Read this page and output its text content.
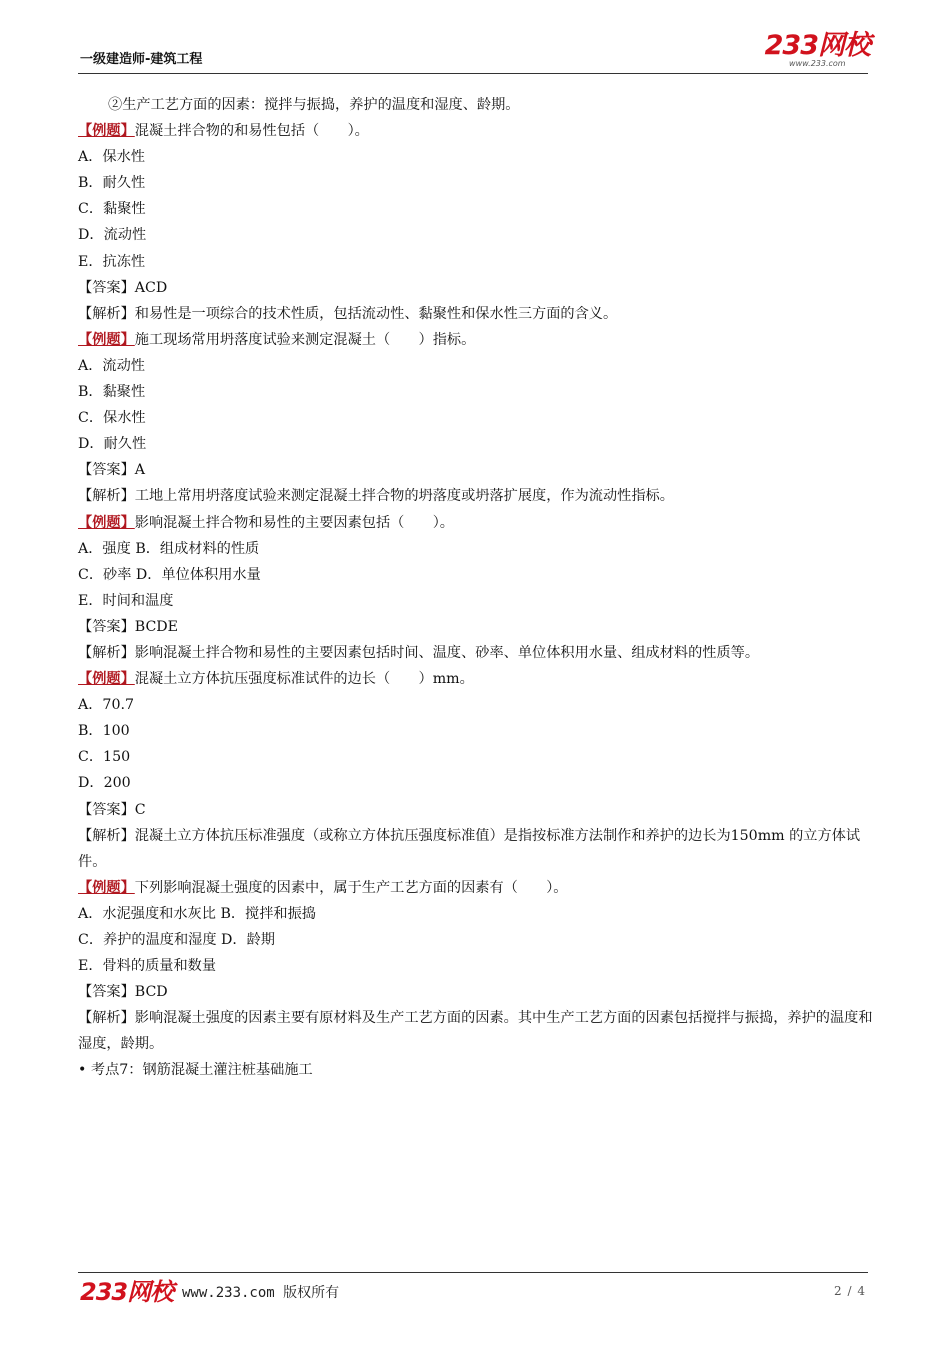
一级建造师-建筑工程	233网校
www.233.com

②生产工艺方面的因素：搅拌与振捣，养护的温度和湿度、龄期。

【例题】混凝土拌合物的和易性包括（　　）。

A．保水性

B．耐久性

C．黏聚性

D．流动性

E．抗冻性

【答案】ACD

【解析】和易性是一项综合的技术性质，包括流动性、黏聚性和保水性三方面的含义。

【例题】施工现场常用坍落度试验来测定混凝土（　　）指标。

A．流动性

B．黏聚性

C．保水性

D．耐久性

【答案】A

【解析】工地上常用坍落度试验来测定混凝土拌合物的坍落度或坍落扩展度，作为流动性指标。

【例题】影响混凝土拌合物和易性的主要因素包括（　　）。

A．强度 B．组成材料的性质

C．砂率 D．单位体积用水量

E．时间和温度

【答案】BCDE

【解析】影响混凝土拌合物和易性的主要因素包括时间、温度、砂率、单位体积用水量、组成材料的性质等。

【例题】混凝土立方体抗压强度标准试件的边长（　　）mm。

A．70.7

B．100

C．150

D．200

【答案】C

【解析】混凝土立方体抗压标准强度（或称立方体抗压强度标准值）是指按标准方法制作和养护的边长为150mm 的立方体试件。

【例题】下列影响混凝土强度的因素中，属于生产工艺方面的因素有（　　）。

A．水泥强度和水灰比 B．搅拌和振捣

C．养护的温度和湿度 D．龄期

E．骨料的质量和数量

【答案】BCD

【解析】影响混凝土强度的因素主要有原材料及生产工艺方面的因素。其中生产工艺方面的因素包括搅拌与振捣，养护的温度和湿度，龄期。

• 考点7：钢筋混凝土灌注桩基础施工

233网校 www.233.com 版权所有	2 / 4
